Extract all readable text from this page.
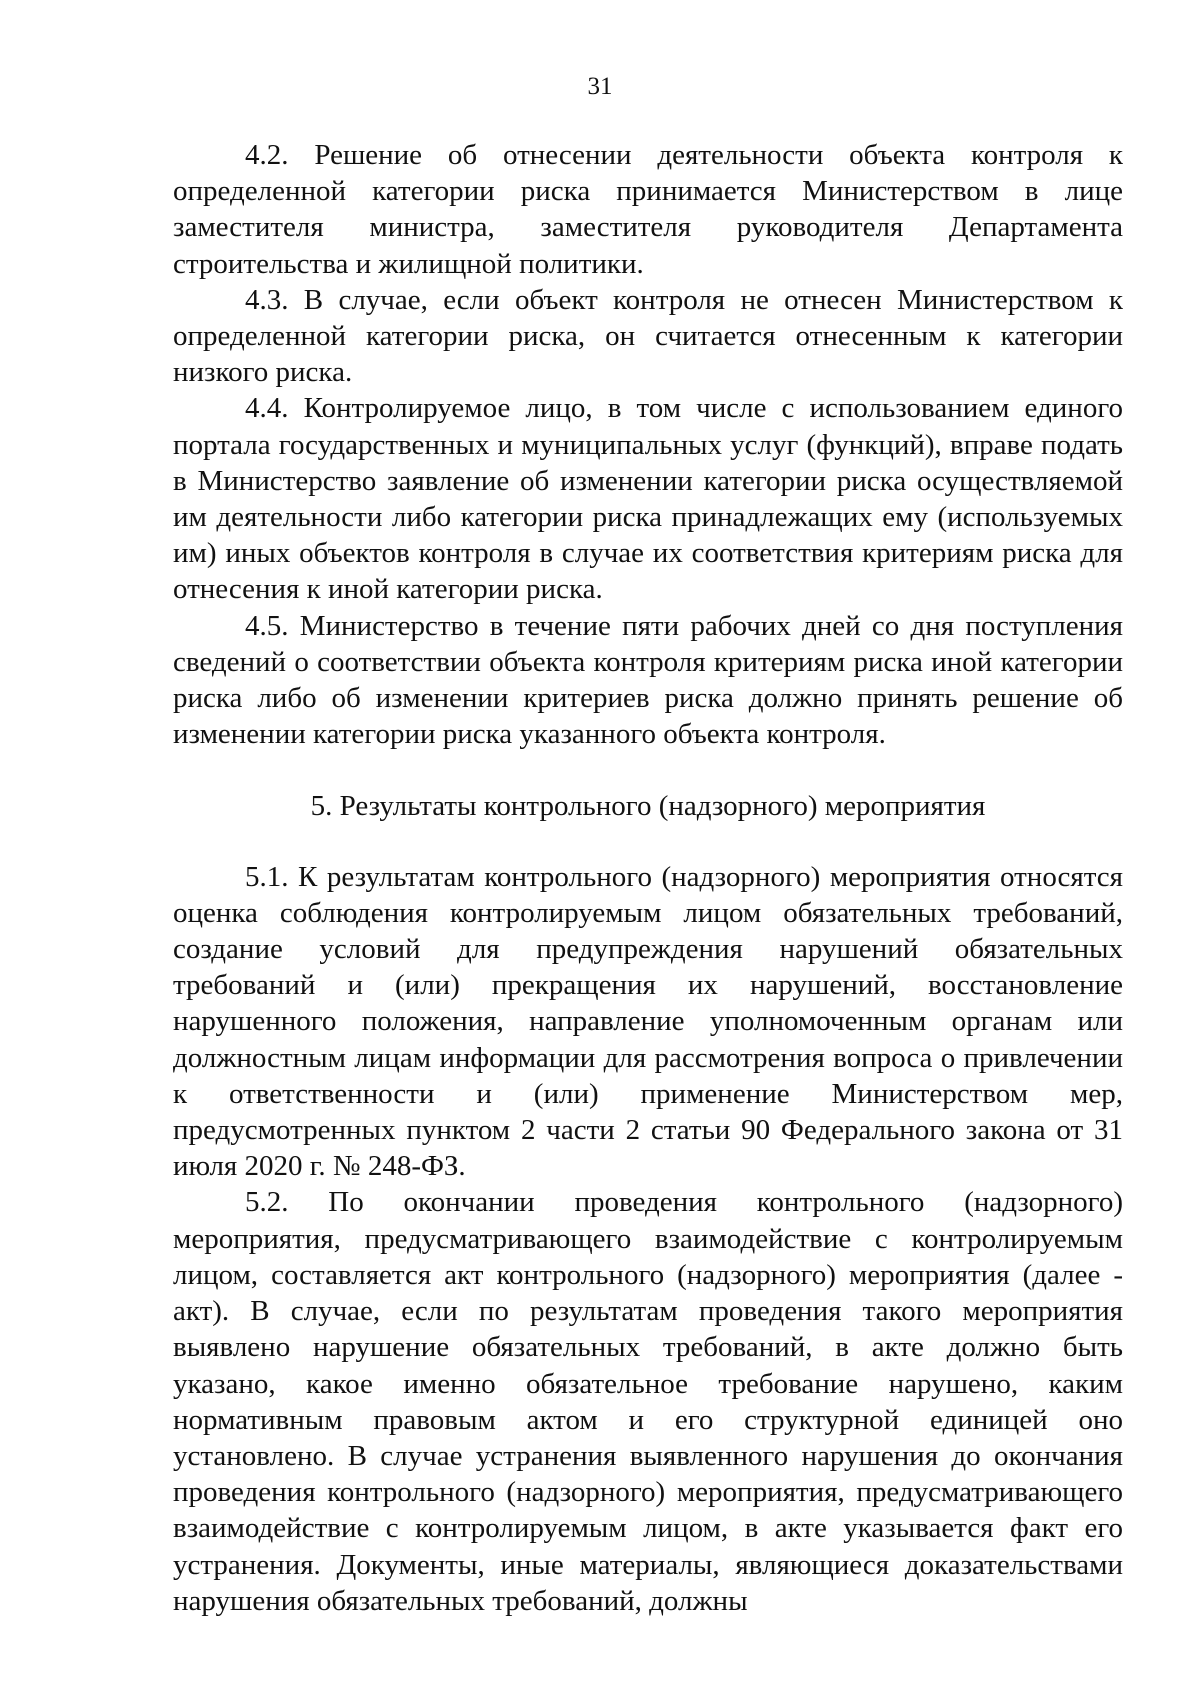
31

4.2. Решение об отнесении деятельности объекта контроля к определенной категории риска принимается Министерством в лице заместителя министра, заместителя руководителя Департамента строительства и жилищной политики.

4.3. В случае, если объект контроля не отнесен Министерством к определенной категории риска, он считается отнесенным к категории низкого риска.

4.4. Контролируемое лицо, в том числе с использованием единого портала государственных и муниципальных услуг (функций), вправе подать в Министерство заявление об изменении категории риска осуществляемой им деятельности либо категории риска принадлежащих ему (используемых им) иных объектов контроля в случае их соответствия критериям риска для отнесения к иной категории риска.

4.5. Министерство в течение пяти рабочих дней со дня поступления сведений о соответствии объекта контроля критериям риска иной категории риска либо об изменении критериев риска должно принять решение об изменении категории риска указанного объекта контроля.

5. Результаты контрольного (надзорного) мероприятия

5.1. К результатам контрольного (надзорного) мероприятия относятся оценка соблюдения контролируемым лицом обязательных требований, создание условий для предупреждения нарушений обязательных требований и (или) прекращения их нарушений, восстановление нарушенного положения, направление уполномоченным органам или должностным лицам информации для рассмотрения вопроса о привлечении к ответственности и (или) применение Министерством мер, предусмотренных пунктом 2 части 2 статьи 90 Федерального закона от 31 июля 2020 г. № 248-ФЗ.

5.2. По окончании проведения контрольного (надзорного) мероприятия, предусматривающего взаимодействие с контролируемым лицом, составляется акт контрольного (надзорного) мероприятия (далее - акт). В случае, если по результатам проведения такого мероприятия выявлено нарушение обязательных требований, в акте должно быть указано, какое именно обязательное требование нарушено, каким нормативным правовым актом и его структурной единицей оно установлено. В случае устранения выявленного нарушения до окончания проведения контрольного (надзорного) мероприятия, предусматривающего взаимодействие с контролируемым лицом, в акте указывается факт его устранения. Документы, иные материалы, являющиеся доказательствами нарушения обязательных требований, должны
